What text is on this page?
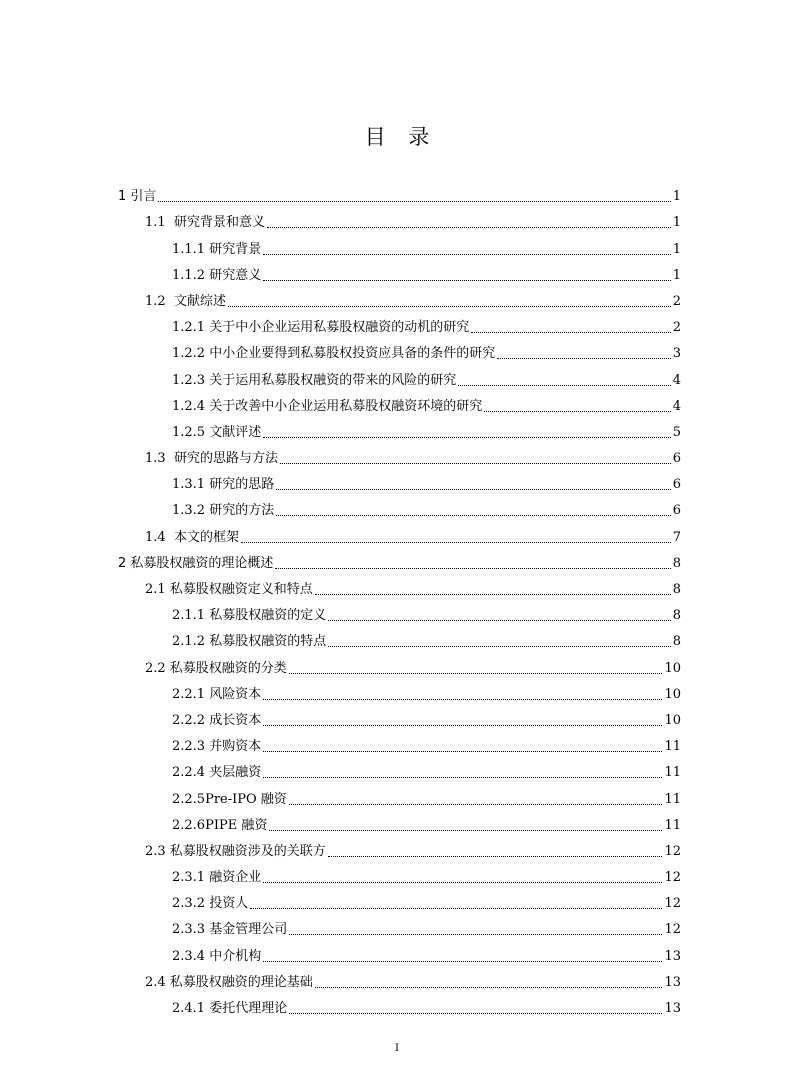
目 录
1 引言	1
1.1  研究背景和意义	1
1.1.1 研究背景	1
1.1.2 研究意义	1
1.2  文献综述	2
1.2.1 关于中小企业运用私募股权融资的动机的研究	2
1.2.2 中小企业要得到私募股权投资应具备的条件的研究	3
1.2.3 关于运用私募股权融资的带来的风险的研究	4
1.2.4 关于改善中小企业运用私募股权融资环境的研究	4
1.2.5 文献评述	5
1.3  研究的思路与方法	6
1.3.1 研究的思路	6
1.3.2 研究的方法	6
1.4  本文的框架	7
2 私募股权融资的理论概述	8
2.1 私募股权融资定义和特点	8
2.1.1 私募股权融资的定义	8
2.1.2 私募股权融资的特点	8
2.2 私募股权融资的分类	10
2.2.1 风险资本	10
2.2.2 成长资本	10
2.2.3 并购资本	11
2.2.4 夹层融资	11
2.2.5Pre-IPO 融资	11
2.2.6PIPE 融资	11
2.3 私募股权融资涉及的关联方	12
2.3.1 融资企业	12
2.3.2 投资人	12
2.3.3 基金管理公司	12
2.3.4 中介机构	13
2.4 私募股权融资的理论基础	13
2.4.1 委托代理理论	13
I
